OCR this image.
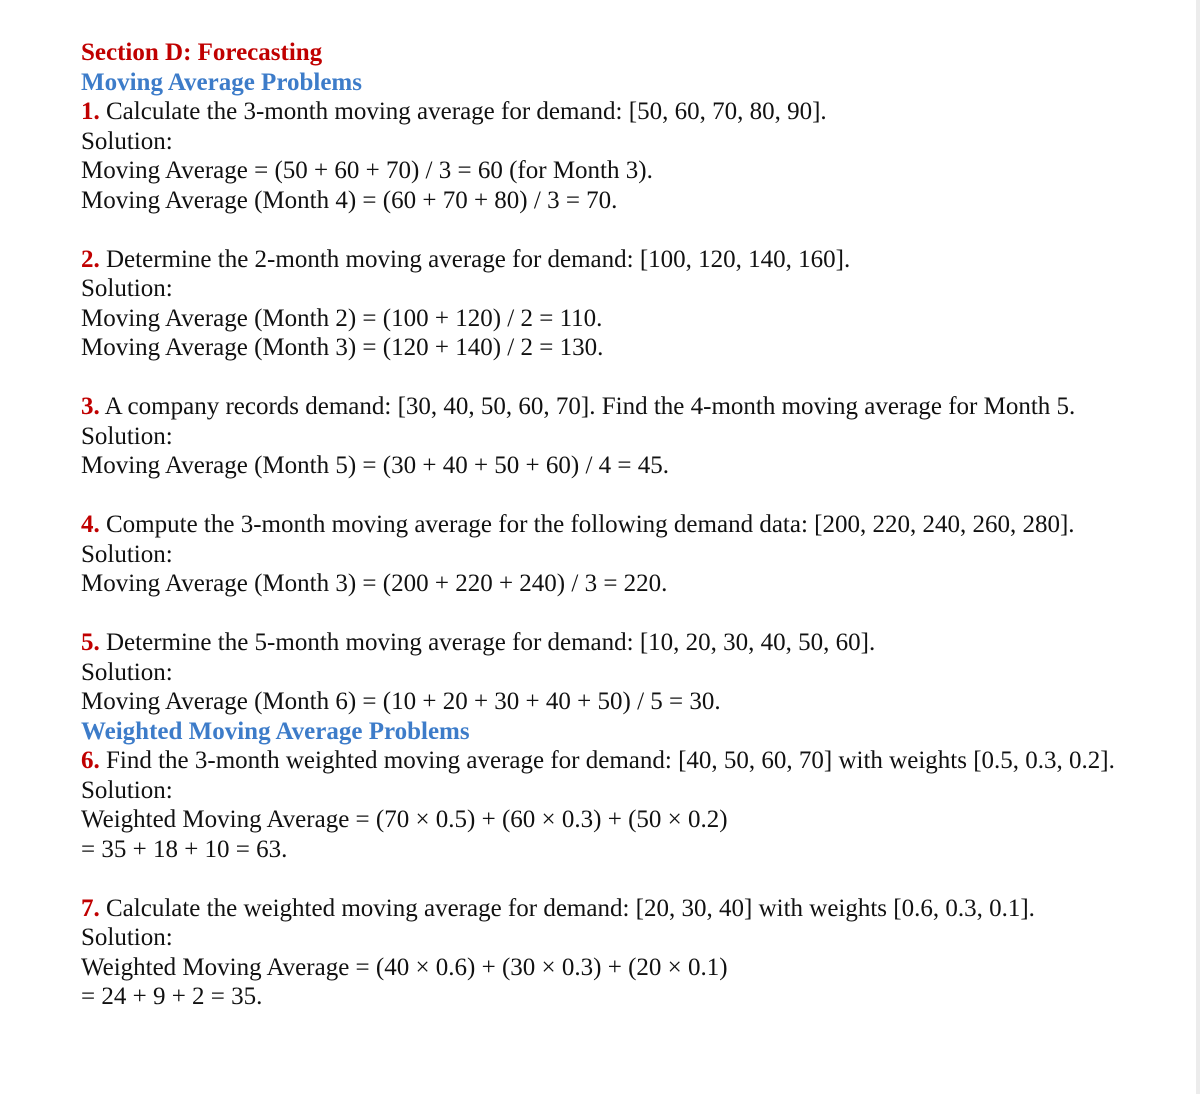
Section D: Forecasting
Moving Average Problems
1. Calculate the 3-month moving average for demand: [50, 60, 70, 80, 90].
Solution:
Moving Average = (50 + 60 + 70) / 3 = 60 (for Month 3).
Moving Average (Month 4) = (60 + 70 + 80) / 3 = 70.
2. Determine the 2-month moving average for demand: [100, 120, 140, 160].
Solution:
Moving Average (Month 2) = (100 + 120) / 2 = 110.
Moving Average (Month 3) = (120 + 140) / 2 = 130.
3. A company records demand: [30, 40, 50, 60, 70]. Find the 4-month moving average for Month 5.
Solution:
Moving Average (Month 5) = (30 + 40 + 50 + 60) / 4 = 45.
4. Compute the 3-month moving average for the following demand data: [200, 220, 240, 260, 280].
Solution:
Moving Average (Month 3) = (200 + 220 + 240) / 3 = 220.
5. Determine the 5-month moving average for demand: [10, 20, 30, 40, 50, 60].
Solution:
Moving Average (Month 6) = (10 + 20 + 30 + 40 + 50) / 5 = 30.
Weighted Moving Average Problems
6. Find the 3-month weighted moving average for demand: [40, 50, 60, 70] with weights [0.5, 0.3, 0.2].
Solution:
Weighted Moving Average = (70 × 0.5) + (60 × 0.3) + (50 × 0.2)
= 35 + 18 + 10 = 63.
7. Calculate the weighted moving average for demand: [20, 30, 40] with weights [0.6, 0.3, 0.1].
Solution:
Weighted Moving Average = (40 × 0.6) + (30 × 0.3) + (20 × 0.1)
= 24 + 9 + 2 = 35.
